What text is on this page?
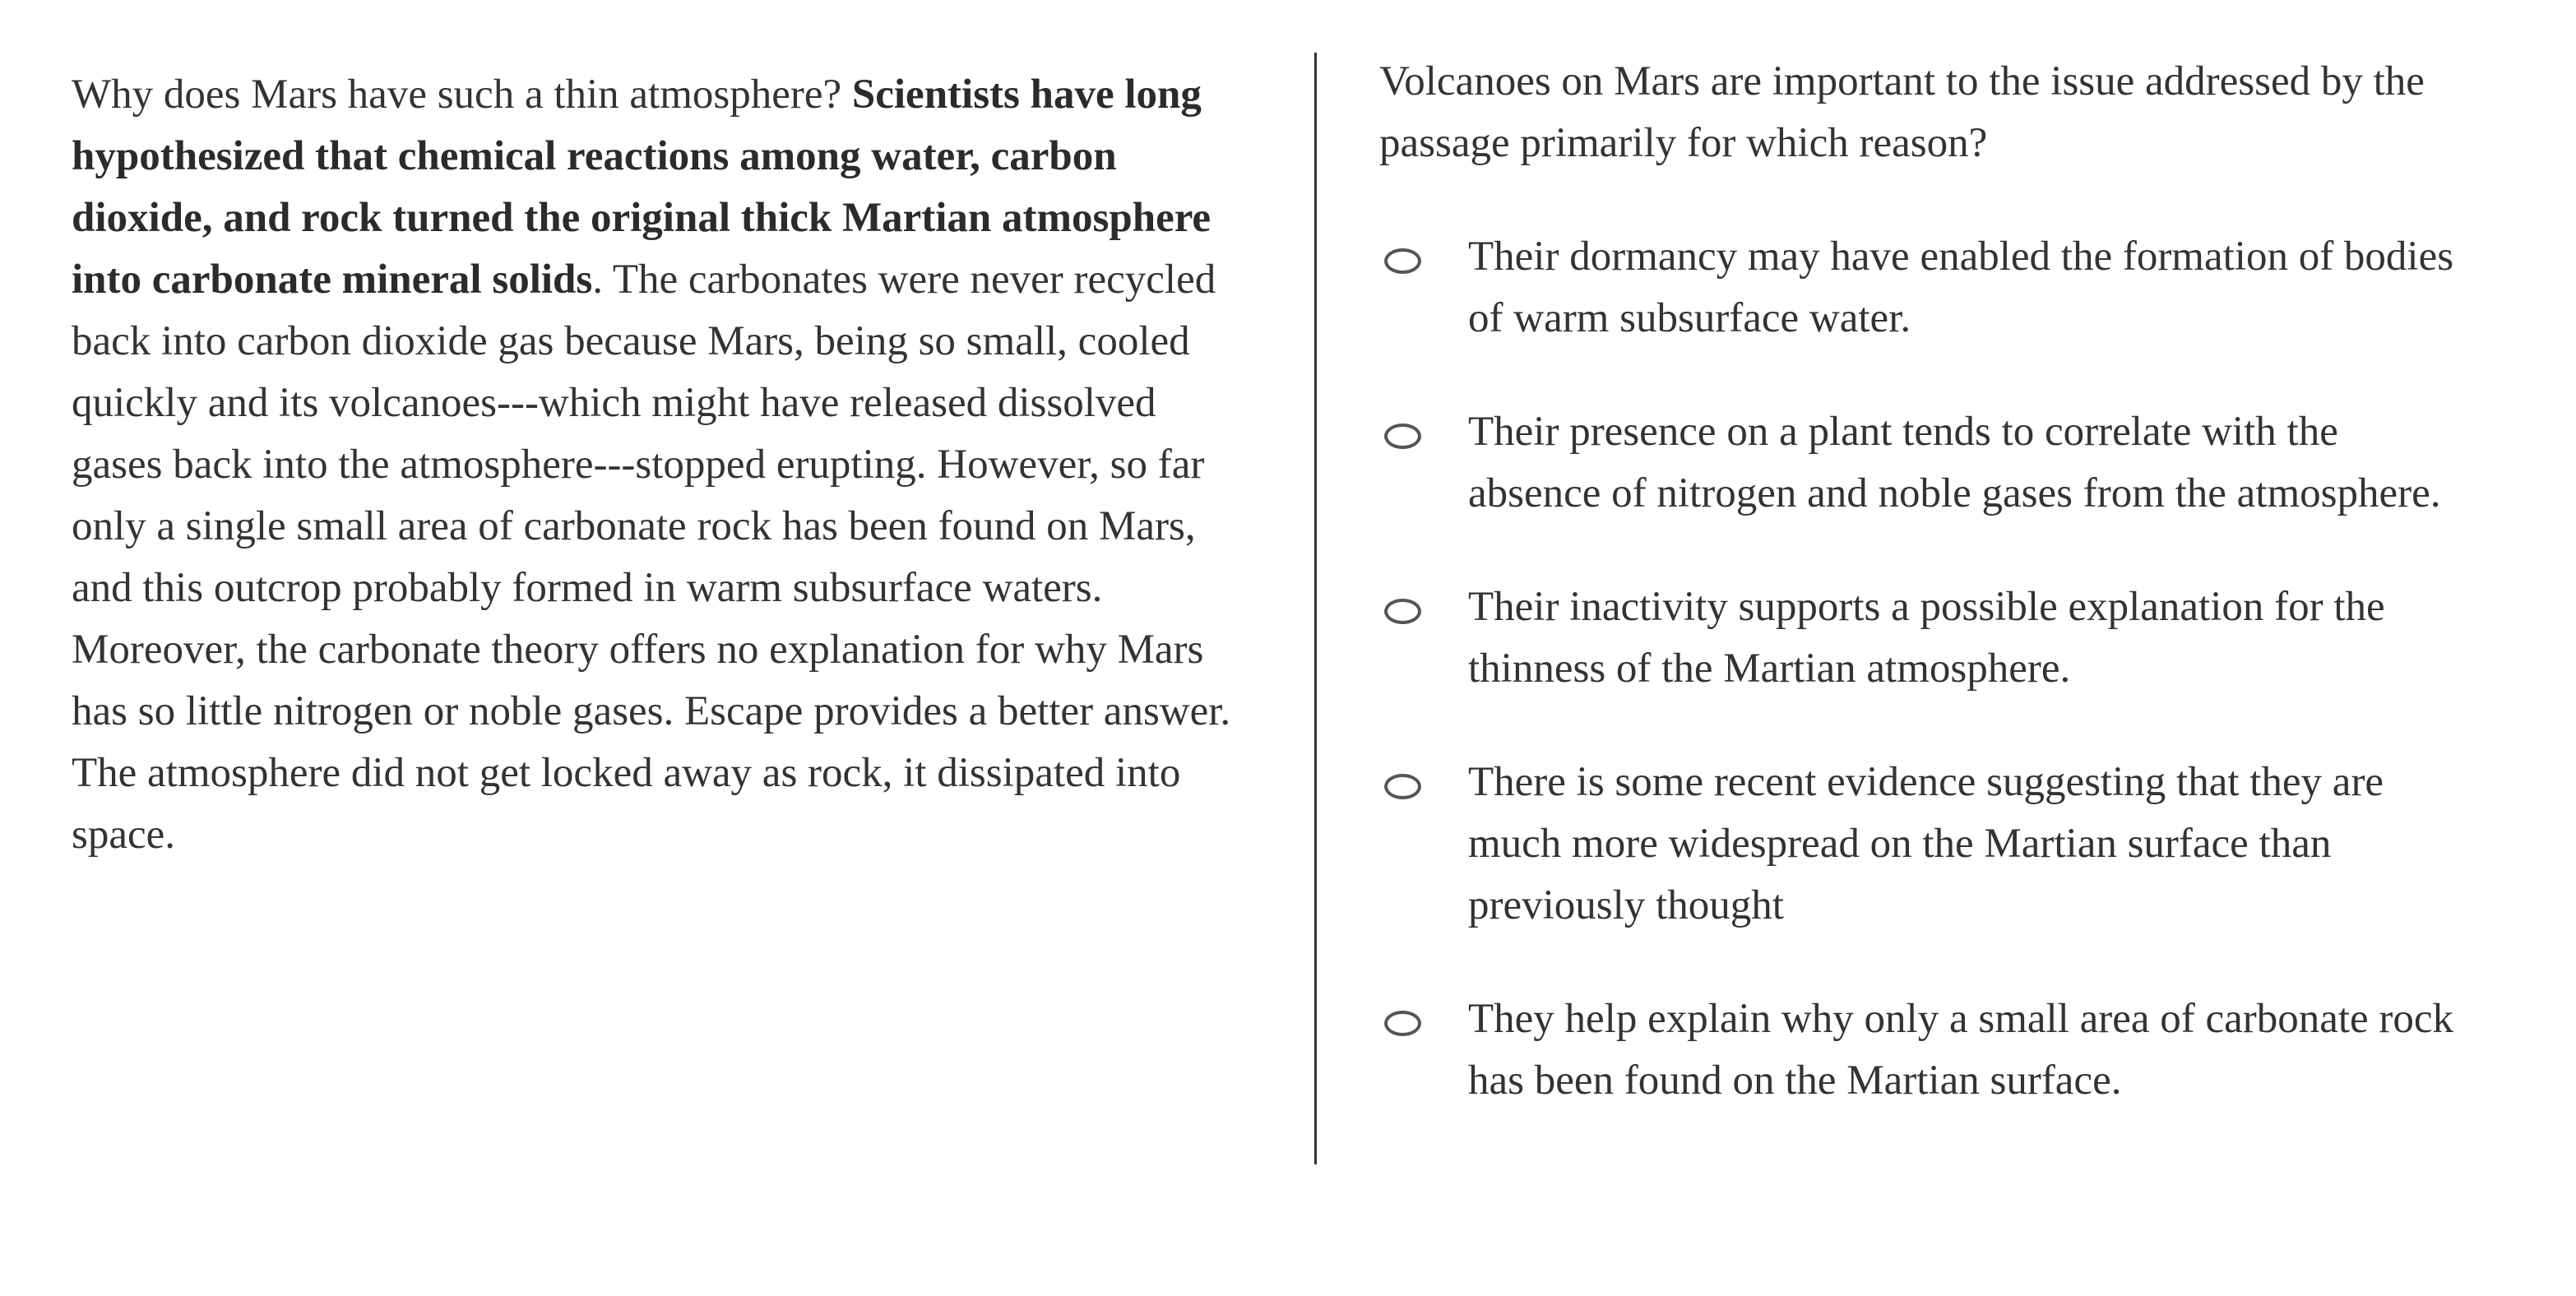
Why does Mars have such a thin atmosphere? Scientists have long hypothesized that chemical reactions among water, carbon dioxide, and rock turned the original thick Martian atmosphere into carbonate mineral solids. The carbonates were never recycled back into carbon dioxide gas because Mars, being so small, cooled quickly and its volcanoes---which might have released dissolved gases back into the atmosphere---stopped erupting. However, so far only a single small area of carbonate rock has been found on Mars, and this outcrop probably formed in warm subsurface waters. Moreover, the carbonate theory offers no explanation for why Mars has so little nitrogen or noble gases. Escape provides a better answer. The atmosphere did not get locked away as rock, it dissipated into space.

Volcanoes on Mars are important to the issue addressed by the passage primarily for which reason?

Their dormancy may have enabled the formation of bodies of warm subsurface water.
Their presence on a plant tends to correlate with the absence of nitrogen and noble gases from the atmosphere.
Their inactivity supports a possible explanation for the thinness of the Martian atmosphere.
There is some recent evidence suggesting that they are much more widespread on the Martian surface than previously thought
They help explain why only a small area of carbonate rock has been found on the Martian surface.
